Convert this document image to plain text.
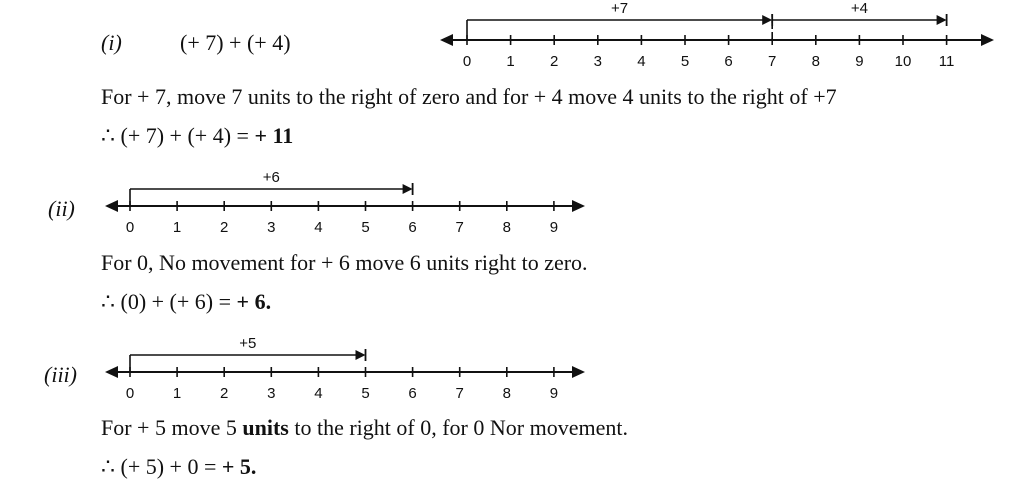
(i)	(+ 7) + (+ 4)
0 1 2 3 4 5 6 7 8 9 10 11
+7	+4
For + 7, move 7 units to the right of zero and for + 4 move 4 units to the right of +7
∴ (+ 7) + (+ 4) = + 11
(ii)
0	1	2	3	4	5	6	7	8	9
+6
For 0, No movement for + 6 move 6 units right to zero.
∴ (0) + (+ 6) = + 6.
(iii)
0	1	2	3	4	5	6	7	8	9
+5
For + 5 move 5 units to the right of 0, for 0 Nor movement.
∴ (+ 5) + 0 = + 5.
